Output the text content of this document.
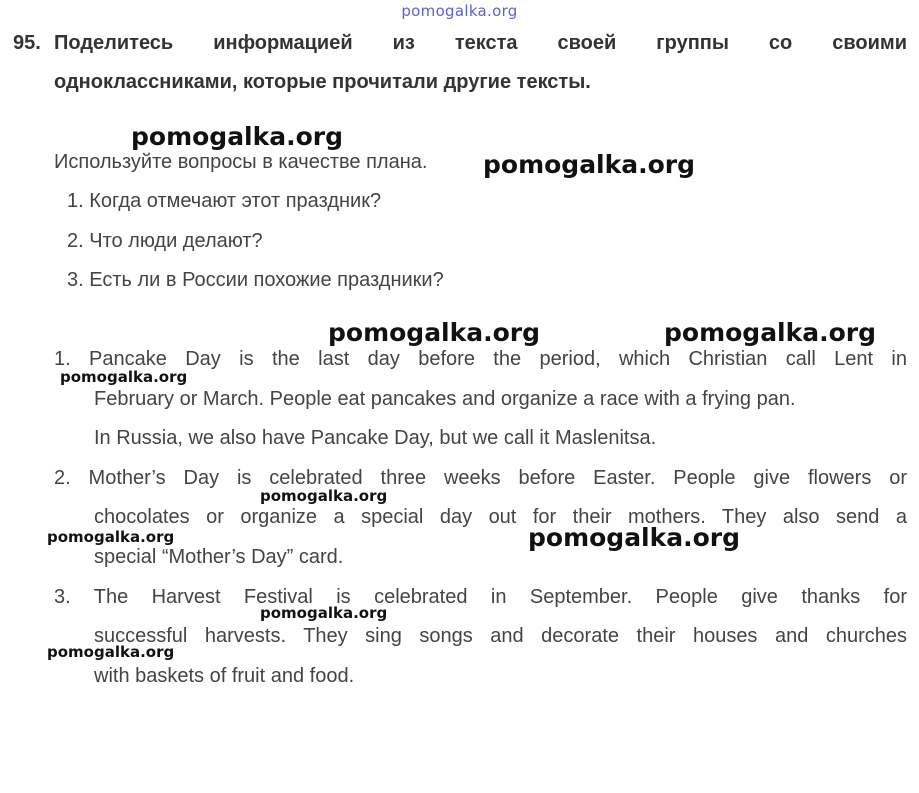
pomogalka.org
95. Поделитесь информацией из текста своей группы со своими
одноклассниками, которые прочитали другие тексты.
Используйте вопросы в качестве плана.
1. Когда отмечают этот праздник?
2. Что люди делают?
3. Есть ли в России похожие праздники?
1. Pancake Day is the last day before the period, which Christian call Lent in
February or March. People eat pancakes and organize a race with a frying pan.
In Russia, we also have Pancake Day, but we call it Maslenitsa.
2. Mother’s Day is celebrated three weeks before Easter. People give flowers or
chocolates or organize a special day out for their mothers. They also send a
special “Mother’s Day” card.
3. The Harvest Festival is celebrated in September. People give thanks for
successful harvests. They sing songs and decorate their houses and churches
with baskets of fruit and food.
pomogalka.org
pomogalka.org
pomogalka.org	pomogalka.org
pomogalka.org
pomogalka.org
pomogalka.org	pomogalka.org
pomogalka.org
pomogalka.org
